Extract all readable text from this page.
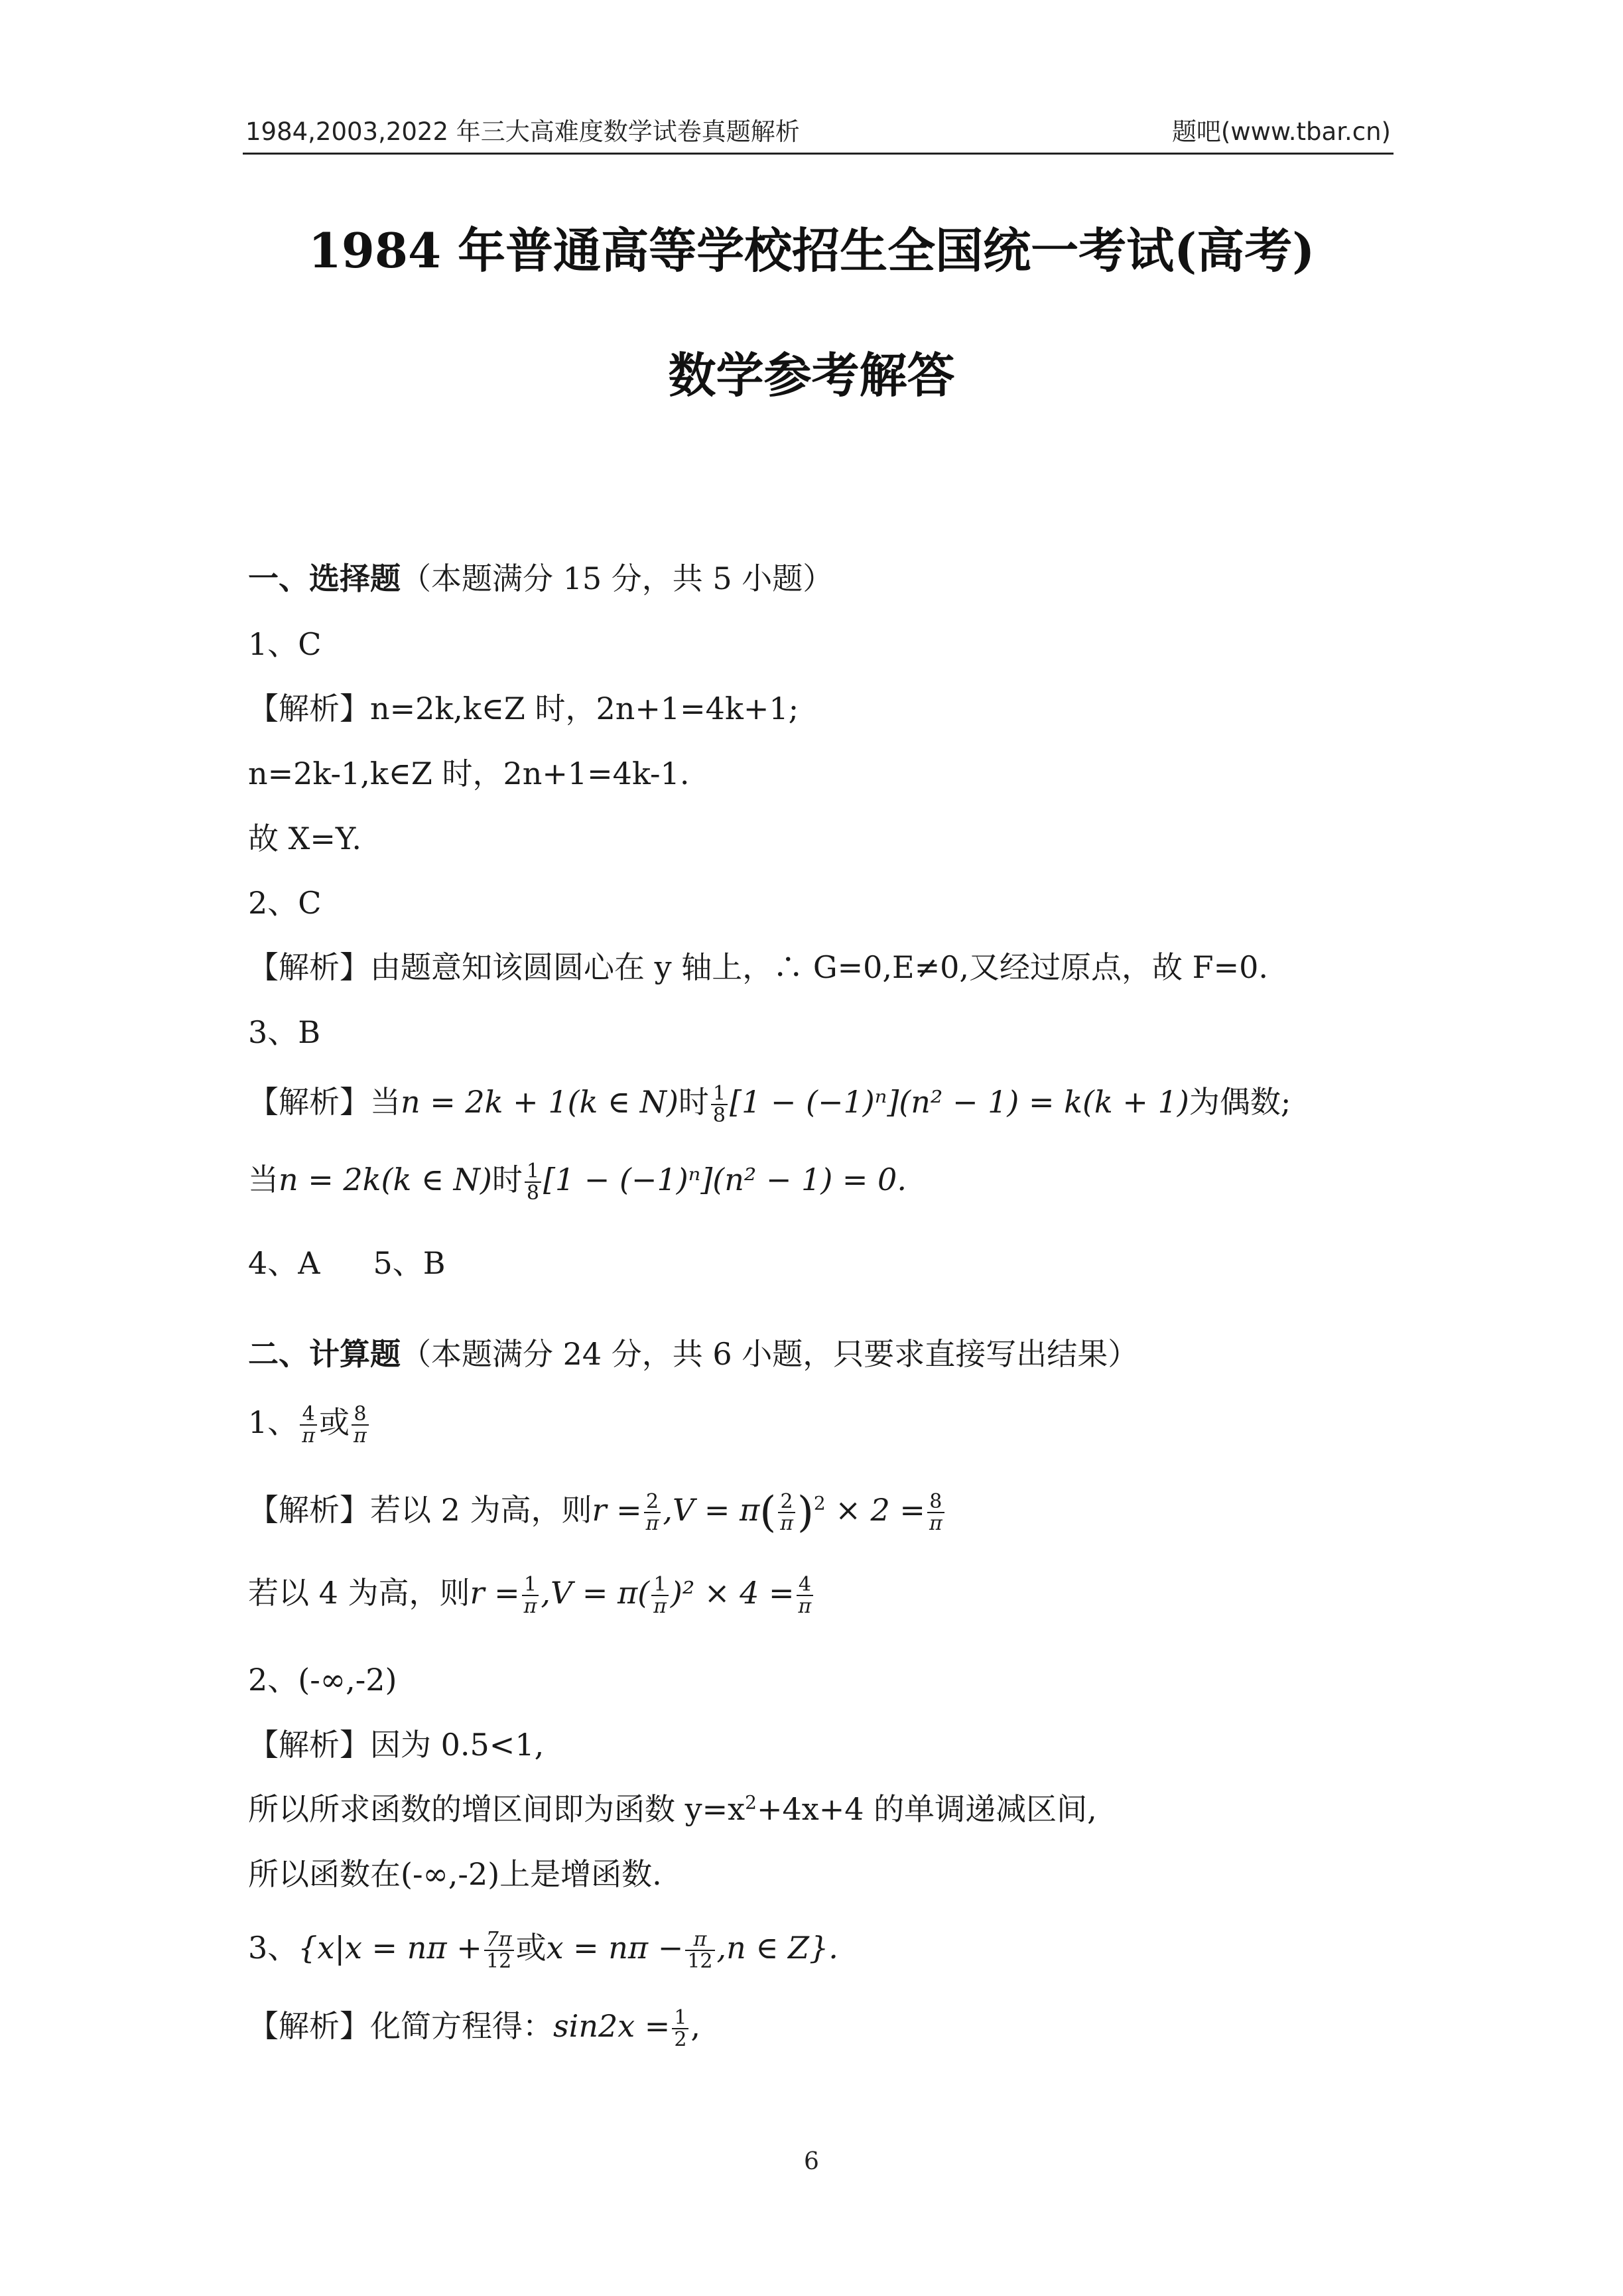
1984,2003,2022 年三大高难度数学试卷真题解析	题吧(www.tbar.cn)
1984 年普通高等学校招生全国统一考试(高考)
数学参考解答
一、选择题（本题满分 15 分，共 5 小题）
1、C
【解析】n=2k,k∈Z 时，2n+1=4k+1;
n=2k-1,k∈Z 时，2n+1=4k-1.
故 X=Y.
2、C
【解析】由题意知该圆圆心在 y 轴上，∴ G=0,E≠0,又经过原点，故 F=0.
3、B
【解析】当n = 2k + 1(k ∈ N)时 $\frac{1}{8} [1 - (-1)^n](n^2 - 1) = k(k + 1)$为偶数;
当n = 2k(k ∈ N)时 $\frac{1}{8} [1 - (-1)^n](n^2 - 1) = 0$.
4、A 5、B
二、计算题（本题满分 24 分，共 6 小题，只要求直接写出结果）
1、 $\frac{4}{\pi}$ 或 $\frac{8}{\pi}$
【解析】若以 2 为高，则$r = \frac{2}{\pi} ,V = \pi( \frac{2}{\pi} )^2 \times 2 = \frac{8}{\pi}$
若以 4 为高，则$r = \frac{1}{\pi} ,V = \pi( \frac{1}{\pi} )^2 \times 4 = \frac{4}{\pi}$
2、(-∞,-2)
【解析】因为 0.5<1,
所以所求函数的增区间即为函数 $y=x^2+4x+4$ 的单调递减区间,
所以函数在(-∞,-2)上是增函数.
3、{$x|x = n\pi + \frac{7\pi}{12}$ 或$x = n\pi - \frac{\pi}{12} ,n$ ∈ Z}.
【解析】化简方程得：$\sin 2x = \frac{1}{2}$ ,
6
